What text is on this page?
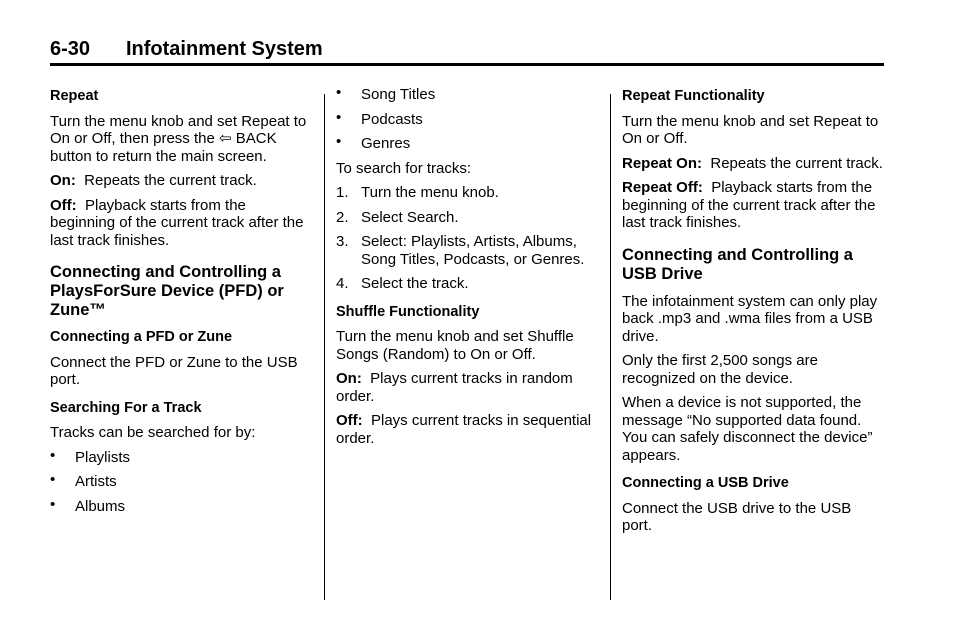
6-30 Infotainment System
Repeat
Turn the menu knob and set Repeat to On or Off, then press the ⇦ BACK button to return the main screen.
On: Repeats the current track.
Off: Playback starts from the beginning of the current track after the last track finishes.
Connecting and Controlling a PlaysForSure Device (PFD) or Zune™
Connecting a PFD or Zune
Connect the PFD or Zune to the USB port.
Searching For a Track
Tracks can be searched for by:
• Playlists
• Artists
• Albums
• Song Titles
• Podcasts
• Genres
To search for tracks:
1. Turn the menu knob.
2. Select Search.
3. Select: Playlists, Artists, Albums, Song Titles, Podcasts, or Genres.
4. Select the track.
Shuffle Functionality
Turn the menu knob and set Shuffle Songs (Random) to On or Off.
On: Plays current tracks in random order.
Off: Plays current tracks in sequential order.
Repeat Functionality
Turn the menu knob and set Repeat to On or Off.
Repeat On: Repeats the current track.
Repeat Off: Playback starts from the beginning of the current track after the last track finishes.
Connecting and Controlling a USB Drive
The infotainment system can only play back .mp3 and .wma files from a USB drive.
Only the first 2,500 songs are recognized on the device.
When a device is not supported, the message “No supported data found. You can safely disconnect the device” appears.
Connecting a USB Drive
Connect the USB drive to the USB port.
